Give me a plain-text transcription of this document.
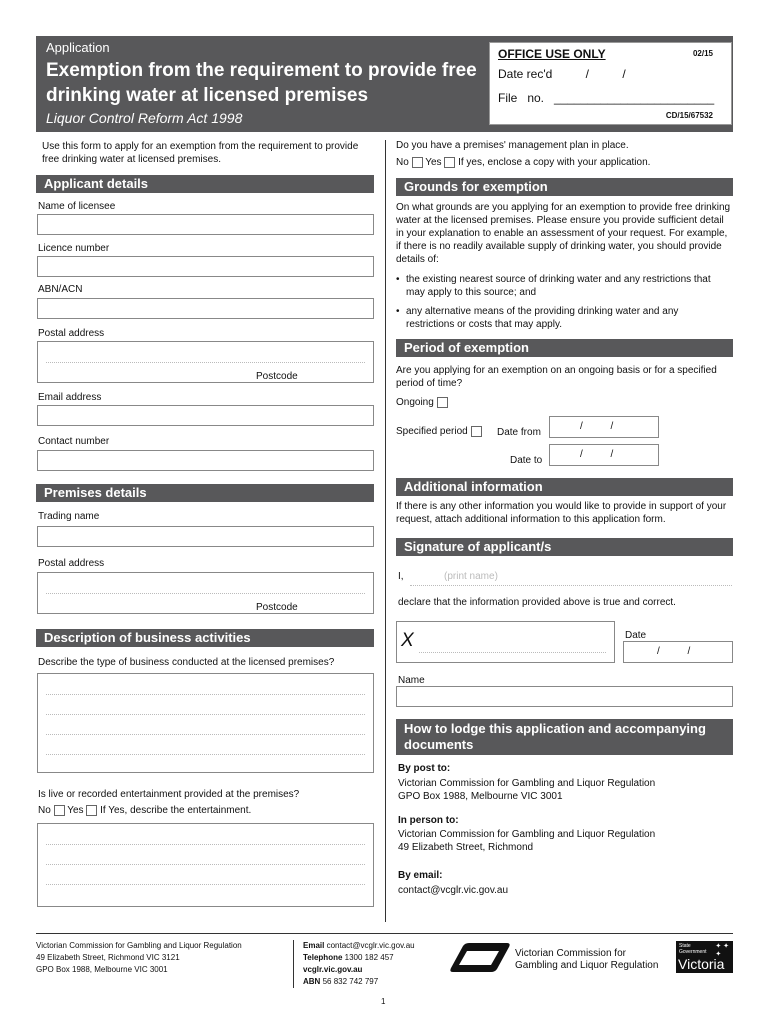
Application
Exemption from the requirement to provide free drinking water at licensed premises
Liquor Control Reform Act 1998
OFFICE USE ONLY	02/15
Date rec'd          /          /
File   no.   ________________________
CD/15/67532
Use this form to apply for an exemption from the requirement to provide free drinking water at licensed premises.
Applicant details
Name of licensee
Licence number
ABN/ACN
Postal address
Postcode
Email address
Contact number
Premises details
Trading name
Postal address
Postcode
Description of business activities
Describe the type of business conducted at the licensed premises?
Is live or recorded entertainment provided at the premises?
No Yes If Yes, describe the entertainment.
Do you have a premises' management plan in place.
No Yes If yes, enclose a copy with your application.
Grounds for exemption
On what grounds are you applying for an exemption to provide free drinking water at the licensed premises. Please ensure you provide sufficient detail in your explanation to enable an assessment of your request. For example, if there is no readily available supply of drinking water, you should provide details of:
• the existing nearest source of drinking water and any restrictions that may apply to this source; and
• any alternative means of the providing drinking water and any restrictions or costs that may apply.
Period of exemption
Are you applying for an exemption on an ongoing basis or for a specified period of time?
Ongoing
Specified period	Date from
/          /
Date to
/          /
Additional information
If there is any other information you would like to provide in support of your request, attach additional information to this application form.
Signature of applicant/s
I,	(print name)
declare that the information provided above is true and correct.
X	Date
/          /
Name
How to lodge this application and accompanying documents
By post to:
Victorian Commission for Gambling and Liquor Regulation
GPO Box 1988, Melbourne VIC 3001
In person to:
Victorian Commission for Gambling and Liquor Regulation
49 Elizabeth Street, Richmond
By email:
contact@vcglr.vic.gov.au
Victorian Commission for Gambling and Liquor Regulation
49 Elizabeth Street, Richmond VIC 3121
GPO Box 1988, Melbourne VIC 3001
Email contact@vcglr.vic.gov.au
Telephone 1300 182 457
vcglr.vic.gov.au
ABN 56 832 742 797
Victorian Commission for
Gambling and Liquor Regulation
State
Government
Victoria
✦ ✦
✦
1
